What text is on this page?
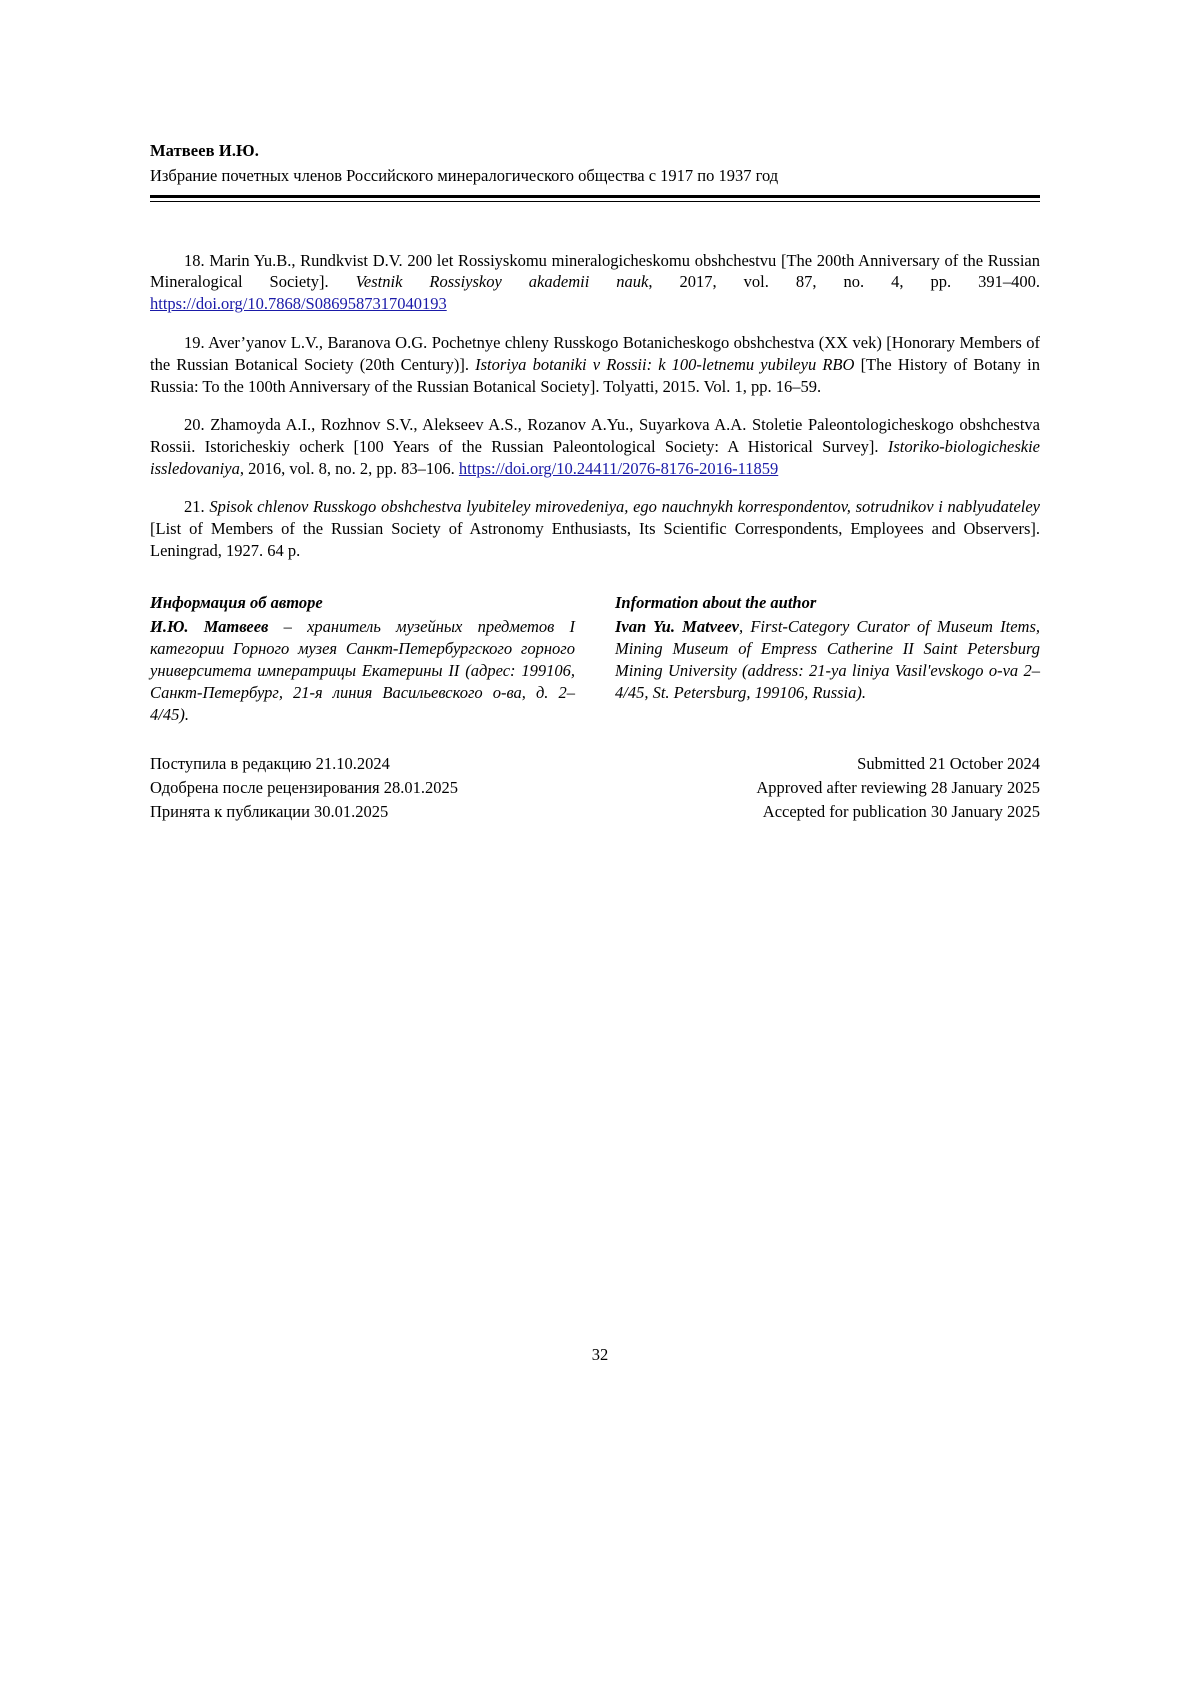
Матвеев И.Ю.
Избрание почетных членов Российского минералогического общества с 1917 по 1937 год

18. Marin Yu.B., Rundkvist D.V. 200 let Rossiyskomu mineralogicheskomu obshchestvu [The 200th Anniversary of the Russian Mineralogical Society]. Vestnik Rossiyskoy akademii nauk, 2017, vol. 87, no. 4, pp. 391–400. https://doi.org/10.7868/S0869587317040193

19. Aver’yanov L.V., Baranova O.G. Pochetnye chleny Russkogo Botanicheskogo obshchestva (XX vek) [Honorary Members of the Russian Botanical Society (20th Century)]. Istoriya botaniki v Rossii: k 100-letnemu yubileyu RBO [The History of Botany in Russia: To the 100th Anniversary of the Russian Botanical Society]. Tolyatti, 2015. Vol. 1, pp. 16–59.

20. Zhamoyda A.I., Rozhnov S.V., Alekseev A.S., Rozanov A.Yu., Suyarkova A.A. Stoletie Paleontologicheskogo obshchestva Rossii. Istoricheskiy ocherk [100 Years of the Russian Paleontological Society: A Historical Survey]. Istoriko-biologicheskie issledovaniya, 2016, vol. 8, no. 2, pp. 83–106. https://doi.org/10.24411/2076-8176-2016-11859

21. Spisok chlenov Russkogo obshchestva lyubiteley mirovedeniya, ego nauchnykh korrespondentov, sotrudnikov i nablyudateley [List of Members of the Russian Society of Astronomy Enthusiasts, Its Scientific Correspondents, Employees and Observers]. Leningrad, 1927. 64 p.

Информация об авторе
И.Ю. Матвеев – хранитель музейных предметов I категории Горного музея Санкт-Петербургского горного университета императрицы Екатерины II (адрес: 199106, Санкт-Петербург, 21-я линия Васильевского о-ва, д. 2–4/45).
Information about the author
Ivan Yu. Matveev, First-Category Curator of Museum Items, Mining Museum of Empress Catherine II Saint Petersburg Mining University (address: 21-ya liniya Vasil'evskogo o-va 2–4/45, St. Petersburg, 199106, Russia).
Поступила в редакцию 21.10.2024
Одобрена после рецензирования 28.01.2025
Принята к публикации 30.01.2025
Submitted 21 October 2024
Approved after reviewing 28 January 2025
Accepted for publication 30 January 2025
32
